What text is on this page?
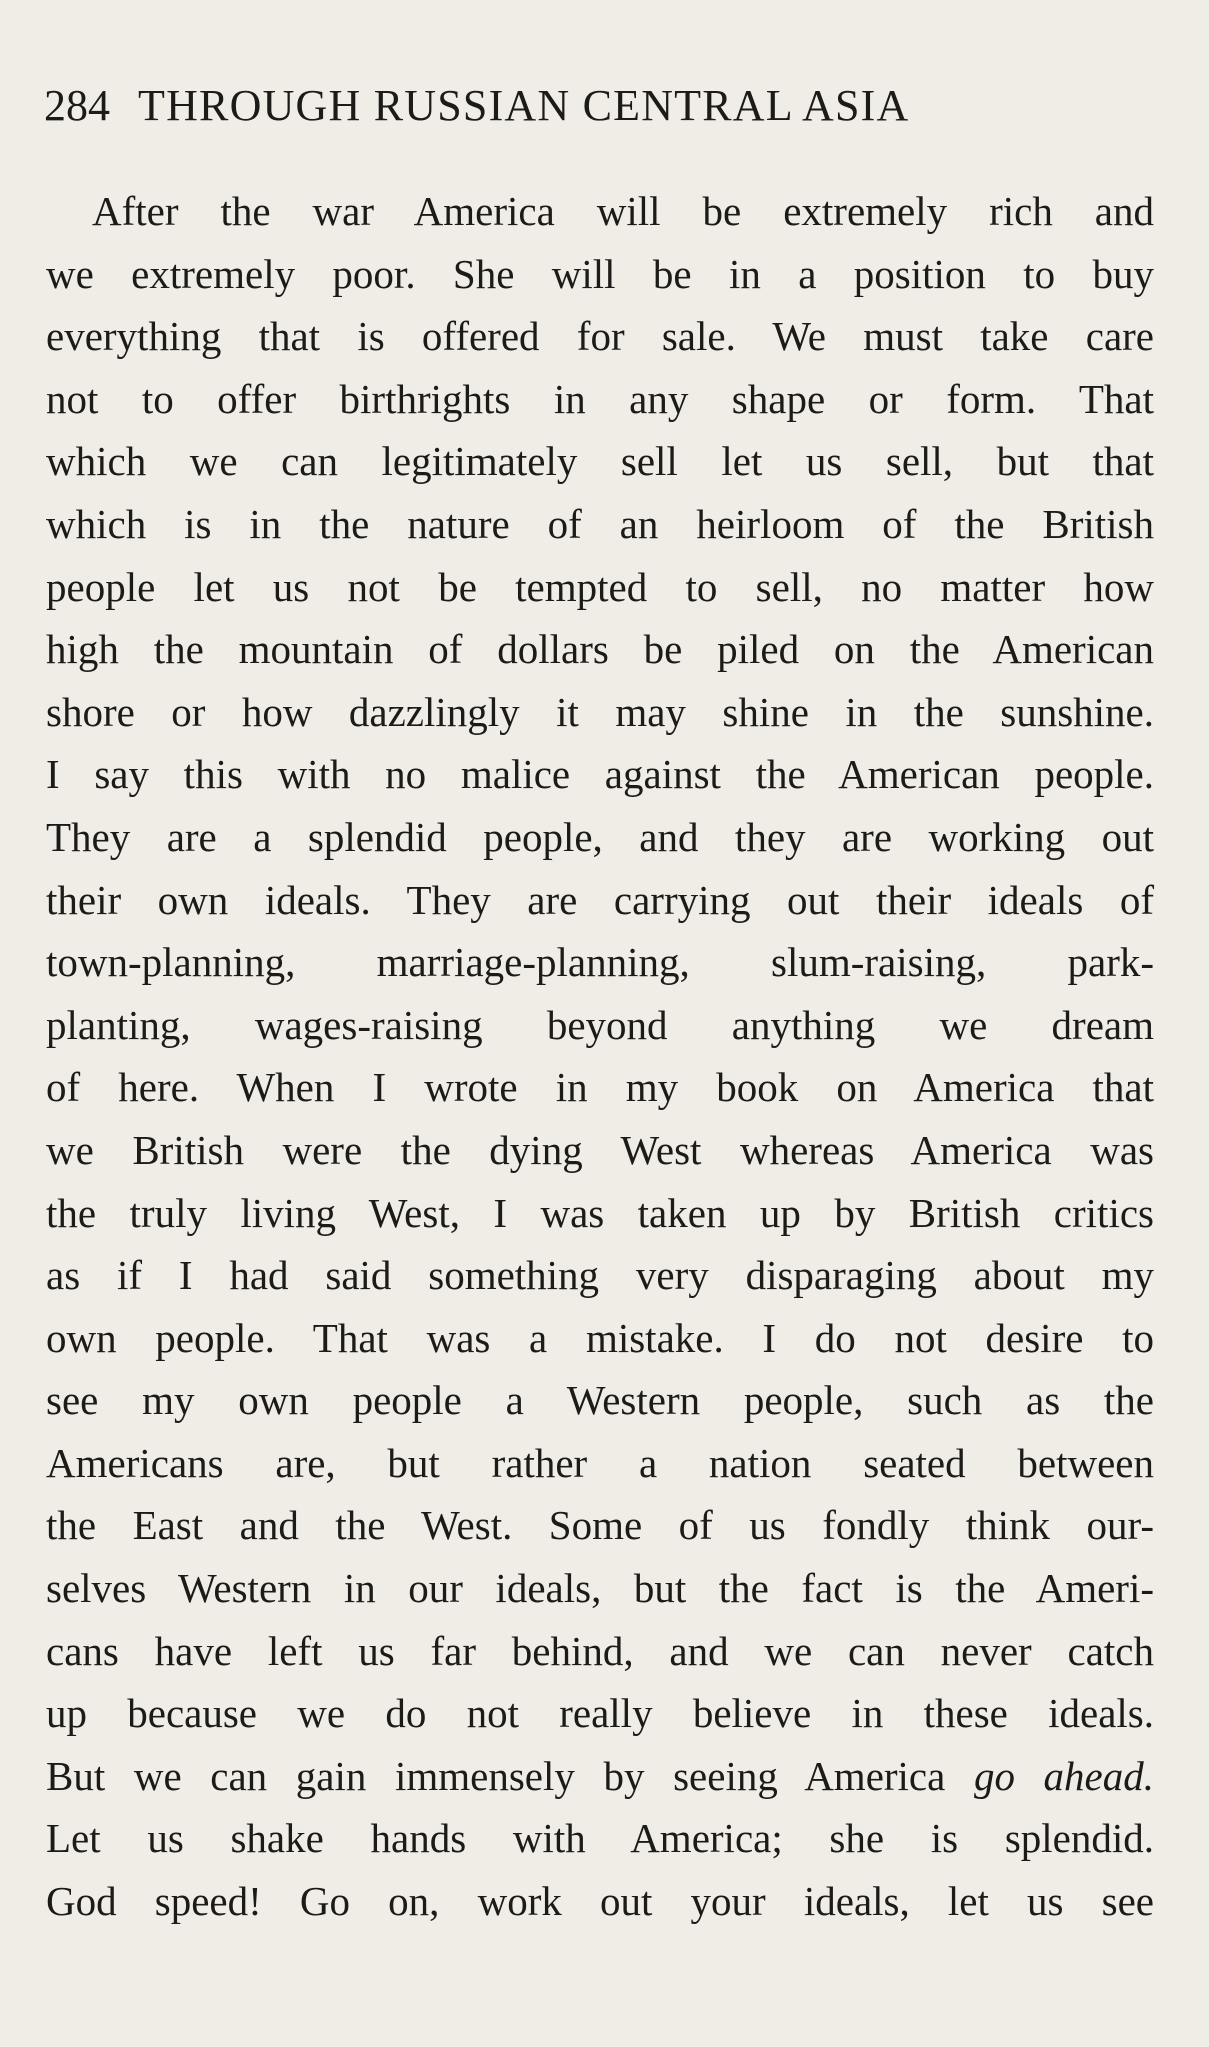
284 THROUGH RUSSIAN CENTRAL ASIA
After the war America will be extremely rich and
we extremely poor. She will be in a position to buy
everything that is offered for sale. We must take care
not to offer birthrights in any shape or form. That
which we can legitimately sell let us sell, but that
which is in the nature of an heirloom of the British
people let us not be tempted to sell, no matter how
high the mountain of dollars be piled on the American
shore or how dazzlingly it may shine in the sunshine.
I say this with no malice against the American people.
They are a splendid people, and they are working out
their own ideals. They are carrying out their ideals of
town-planning, marriage-planning, slum-raising, park-
planting, wages-raising beyond anything we dream
of here. When I wrote in my book on America that
we British were the dying West whereas America was
the truly living West, I was taken up by British critics
as if I had said something very disparaging about my
own people. That was a mistake. I do not desire to
see my own people a Western people, such as the
Americans are, but rather a nation seated between
the East and the West. Some of us fondly think our-
selves Western in our ideals, but the fact is the Ameri-
cans have left us far behind, and we can never catch
up because we do not really believe in these ideals.
But we can gain immensely by seeing America go ahead.
Let us shake hands with America; she is splendid.
God speed! Go on, work out your ideals, let us see
